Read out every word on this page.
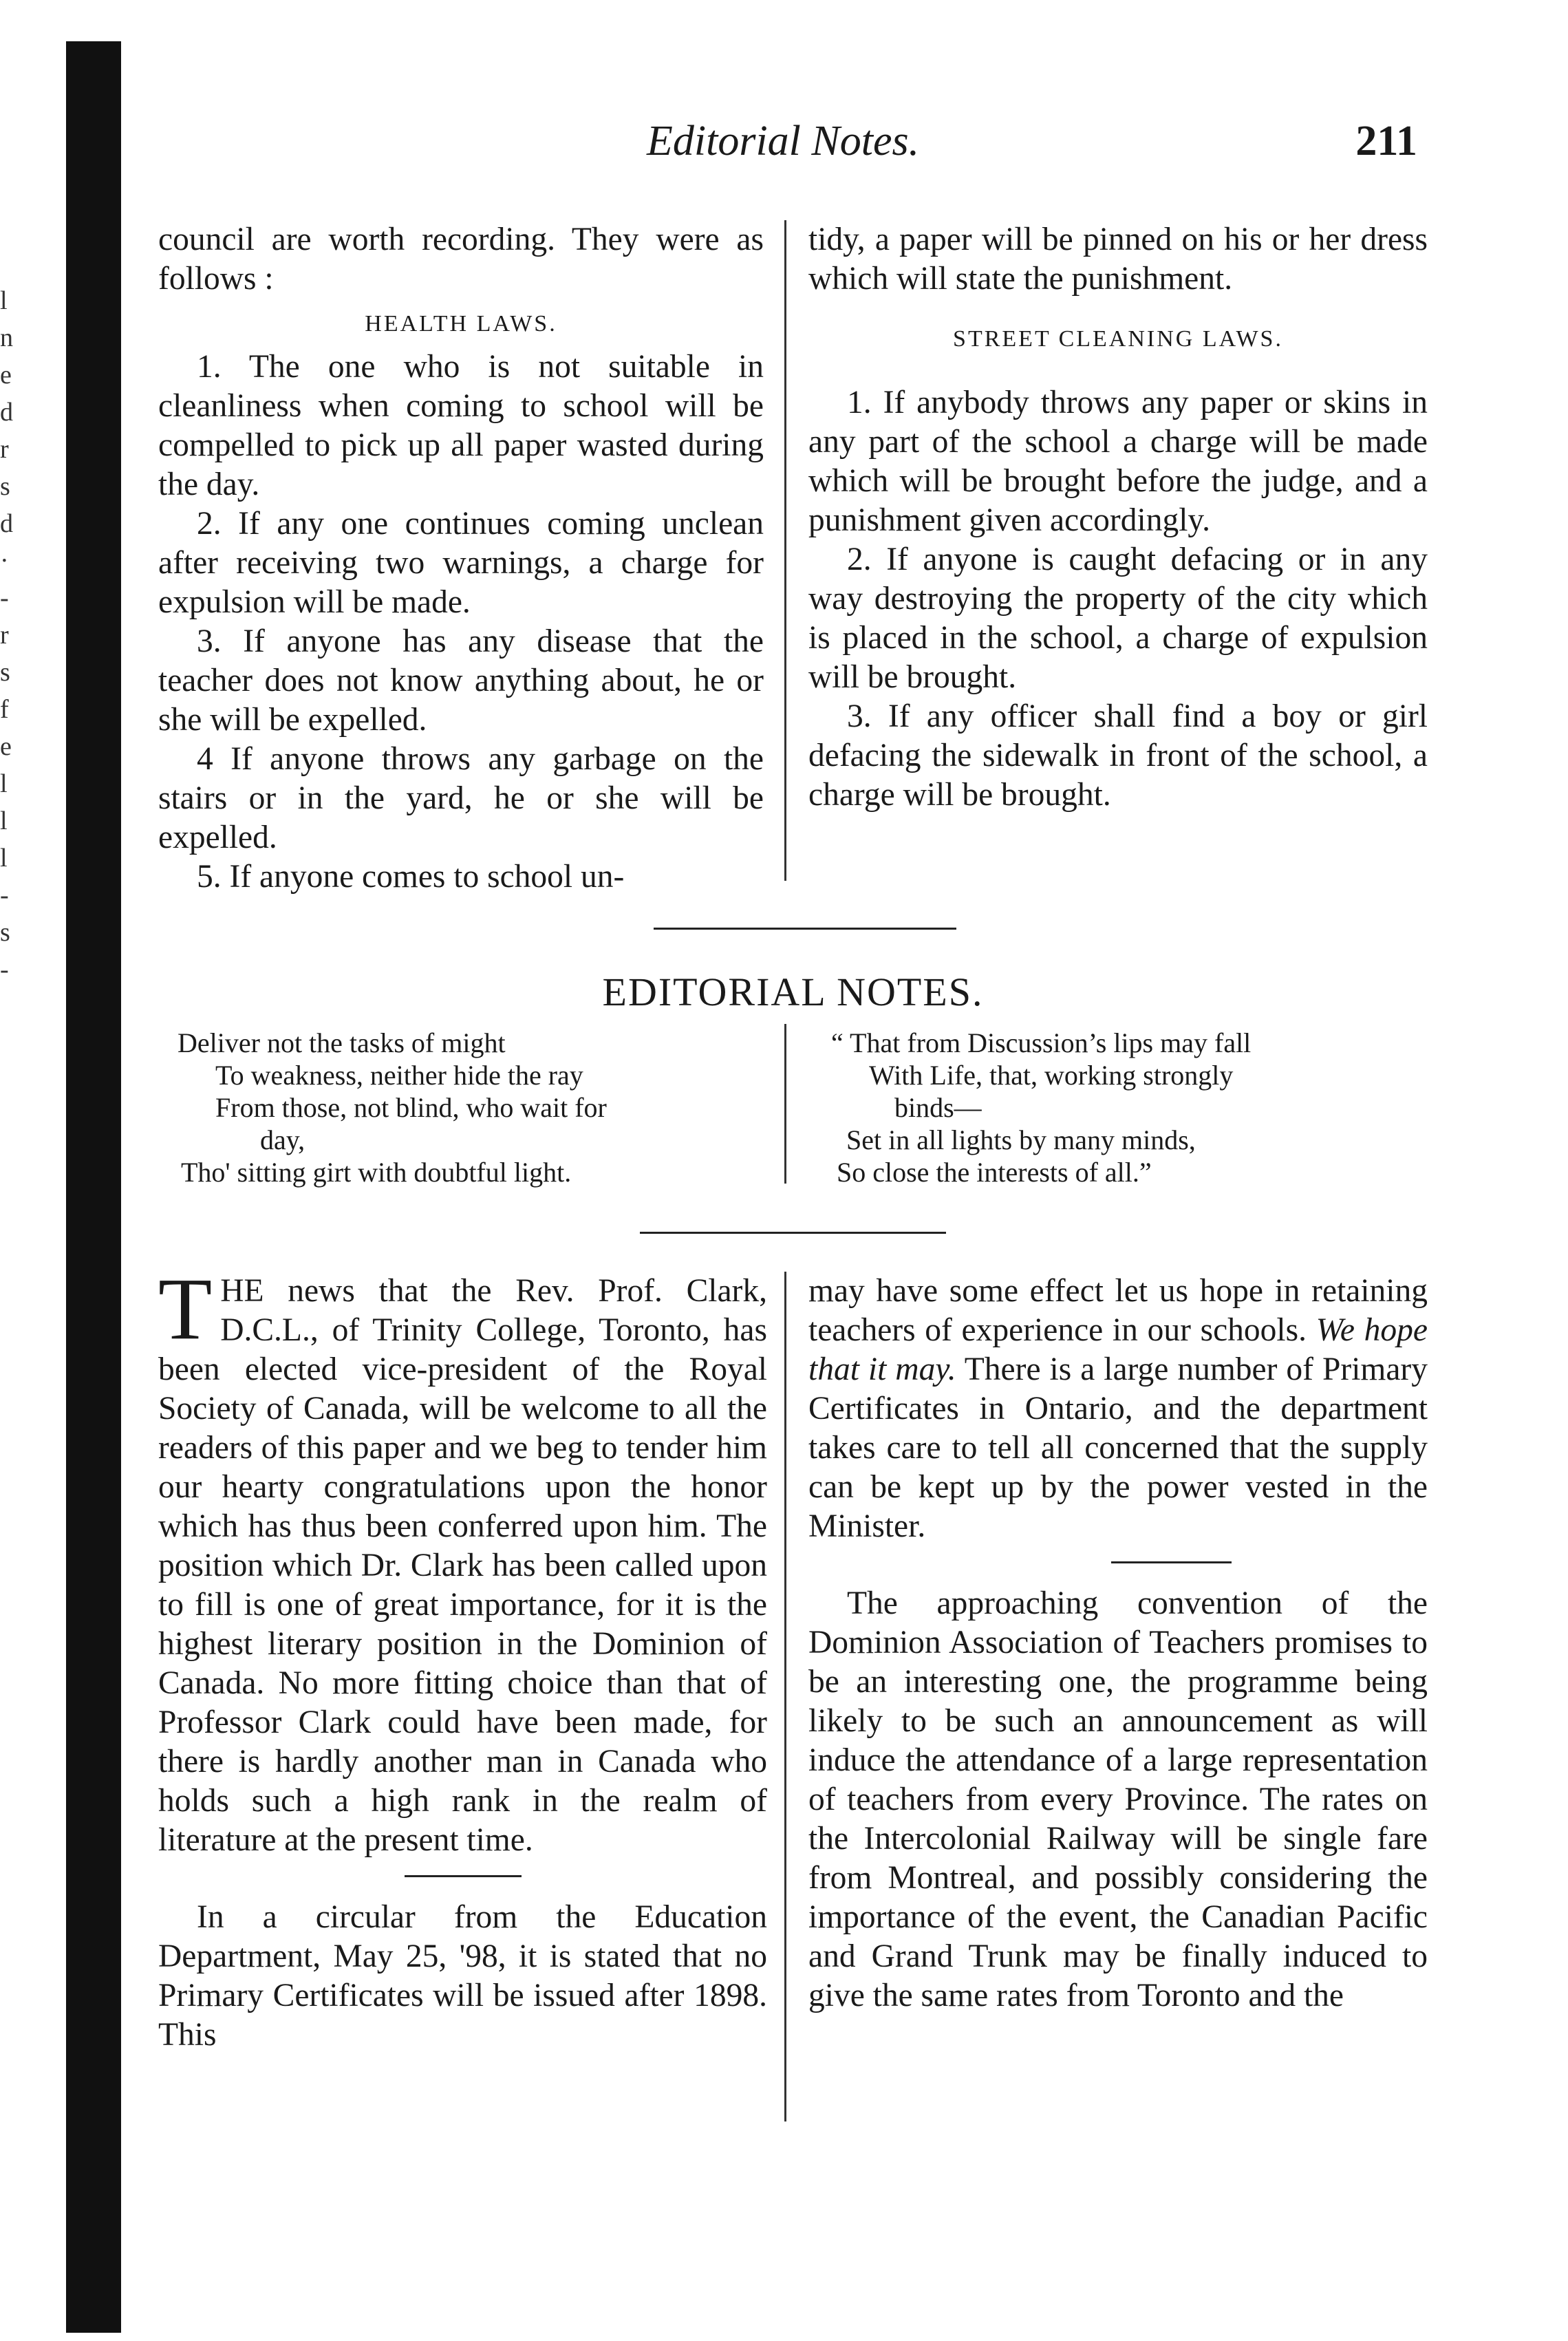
l
n
e
d
r
s
d
·
-
r
s
f
e
l
l
l
-
s
-
Editorial Notes.	211

council are worth recording. They were as follows :

HEALTH LAWS.

1. The one who is not suitable in cleanliness when coming to school will be compelled to pick up all paper wasted during the day.

2. If any one continues coming unclean after receiving two warnings, a charge for expulsion will be made.

3. If anyone has any disease that the teacher does not know anything about, he or she will be expelled.

4 If anyone throws any garbage on the stairs or in the yard, he or she will be expelled.

5. If anyone comes to school un-

tidy, a paper will be pinned on his or her dress which will state the punishment.

STREET CLEANING LAWS.

1. If anybody throws any paper or skins in any part of the school a charge will be made which will be brought before the judge, and a punishment given accordingly.

2. If anyone is caught defacing or in any way destroying the property of the city which is placed in the school, a charge of expulsion will be brought.

3. If any officer shall find a boy or girl defacing the sidewalk in front of the school, a charge will be brought.

EDITORIAL NOTES.
Deliver not the tasks of might
To weakness, neither hide the ray
From those, not blind, who wait for
day,
Tho' sitting girt with doubtful light.
“ That from Discussion’s lips may fall
With Life, that, working strongly
binds—
Set in all lights by many minds,
So close the interests of all.”

THE news that the Rev. Prof. Clark, D.C.L., of Trinity College, Toronto, has been elected vice-president of the Royal Society of Canada, will be welcome to all the readers of this paper and we beg to tender him our hearty congratulations upon the honor which has thus been conferred upon him. The position which Dr. Clark has been called upon to fill is one of great importance, for it is the highest literary position in the Dominion of Canada. No more fitting choice than that of Professor Clark could have been made, for there is hardly another man in Canada who holds such a high rank in the realm of literature at the present time.

In a circular from the Education Department, May 25, '98, it is stated that no Primary Certificates will be issued after 1898. This

may have some effect let us hope in retaining teachers of experience in our schools. We hope that it may. There is a large number of Primary Certificates in Ontario, and the department takes care to tell all concerned that the supply can be kept up by the power vested in the Minister.

The approaching convention of the Dominion Association of Teachers promises to be an interesting one, the programme being likely to be such an announcement as will induce the attendance of a large representation of teachers from every Province. The rates on the Intercolonial Railway will be single fare from Montreal, and possibly considering the importance of the event, the Canadian Pacific and Grand Trunk may be finally induced to give the same rates from Toronto and the
